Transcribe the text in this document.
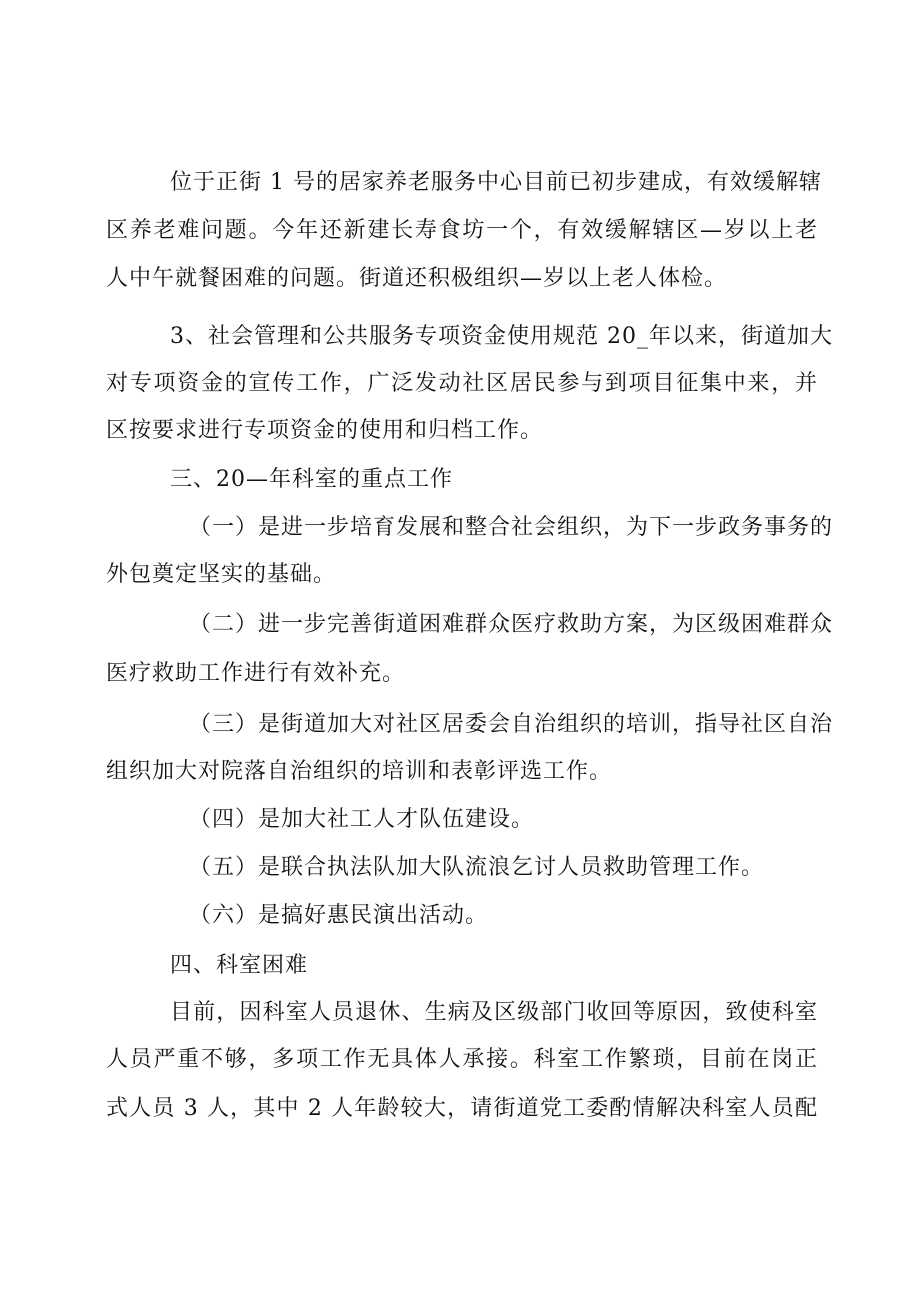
位于正街 1 号的居家养老服务中心目前已初步建成，有效缓解辖
区养老难问题。今年还新建长寿食坊一个，有效缓解辖区—岁以上老
人中午就餐困难的问题。街道还积极组织—岁以上老人体检。
3、社会管理和公共服务专项资金使用规范 20_年以来，街道加大
对专项资金的宣传工作，广泛发动社区居民参与到项目征集中来，并
区按要求进行专项资金的使用和归档工作。
三、20—年科室的重点工作
（一）是进一步培育发展和整合社会组织，为下一步政务事务的
外包奠定坚实的基础。
（二）进一步完善街道困难群众医疗救助方案，为区级困难群众
医疗救助工作进行有效补充。
（三）是街道加大对社区居委会自治组织的培训，指导社区自治
组织加大对院落自治组织的培训和表彰评选工作。
（四）是加大社工人才队伍建设。
（五）是联合执法队加大队流浪乞讨人员救助管理工作。
（六）是搞好惠民演出活动。
四、科室困难
目前，因科室人员退休、生病及区级部门收回等原因，致使科室
人员严重不够，多项工作无具体人承接。科室工作繁琐，目前在岗正
式人员 3 人，其中 2 人年龄较大，请街道党工委酌情解决科室人员配
